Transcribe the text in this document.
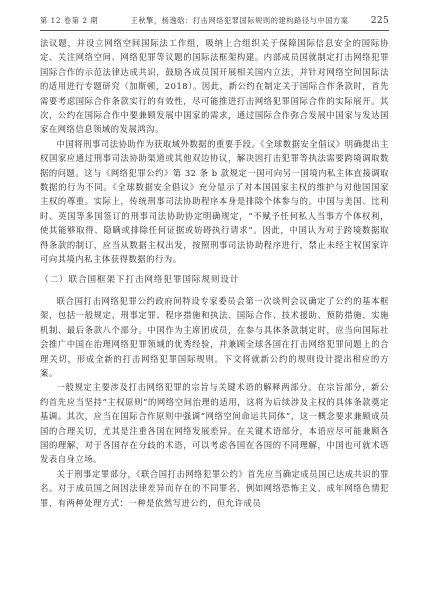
第 12 卷第 2 期	王秋擎，杨逸晗：打击网络犯罪国际规则的建构路径与中国方案	225

法议题，并设立网络空间国际法工作组，吸纳上合组织关于保障国际信息安全的国际协定、关注网络空间、网络犯罪等议题的国际法框架构建。内部成员国就制定打击网络犯罪国际合作的示范法律达成共识，鼓励各成员国开展相关国内立法，并针对网络空间国际法的适用进行专题研究（加斯顿，2018）。因此，新公约在制定关于国际合作条款时，首先需要考虑国际合作条款实行的有效性，尽可能推进打击网络犯罪国际合作的实际展开。其次，公约在国际合作中要兼顾发展中国家的需求，通过国际合作弥合发展中国家与发达国家在网络信息领域的发展鸿沟。

中国将刑事司法协助作为获取域外数据的重要手段。《全球数据安全倡议》明确提出主权国家应通过刑事司法协助渠道或其他双边协议，解决因打击犯罪等执法需要跨境调取数据的问题。这与《网络犯罪公约》第 32 条 b 款规定一国可向另一国境内私主体直接调取数据的行为不同。《全球数据安全倡议》充分显示了对本国国家主权的维护与对他国国家主权的尊重。实际上，传统刑事司法协助程序本身是排除个体参与的。中国与美国、比利时、英国等多国签订的刑事司法协助协定明确规定，“不赋予任何私人当事方个体权利，使其能够取得、隐瞒或排除任何证据或妨碍执行请求”。因此，中国认为对于跨境数据取得条款的制订，应当从数据主权出发，按照刑事司法协助程序进行，禁止未经主权国家许可向其境内私主体获得数据的行为。

（二）联合国框架下打击网络犯罪国际规则设计

联合国打击网络犯罪公约政府间特设专家委员会第一次谈判会议确定了公约的基本框架，包括一般规定、刑事定罪、程序措施和执法、国际合作、技术援助、预防措施、实施机制、最后条款八个部分。中国作为主席团成员，在参与具体条款制定时，应当向国际社会推广中国在治理网络犯罪领域的优秀经验，并兼顾全球各国在打击网络犯罪问题上的合理关切，形成全新的打击网络犯罪国际规则。下文将就新公约的规则设计提出相应的方案。

一般规定主要涉及打击网络犯罪的宗旨与关键术语的解释两部分。在宗旨部分，新公约首先应当坚持“主权原则”的网络空间治理的适用，这将为后续涉及主权的具体条款奠定基调。其次，应当在国际合作原则中强调“网络空间命运共同体”，这一概念要求兼顾成员国的合理关切，尤其是注重各国在网络发展差异。在关键术语部分，本语应尽可能兼顾各国的理解，对于各国存在分歧的术语，可以考虑各国在各国的不同理解，中国也可就术语发表自身立场。

关于刑事定罪部分，《联合国打击网络犯罪公约》首先应当确定成员国已达成共识的罪名。对于成员国之间因法律差异而存在的不同罪名，例如网络恐怖主义、成年网络色情犯罪，有两种处理方式：一种是依然写进公约，但允许成员
